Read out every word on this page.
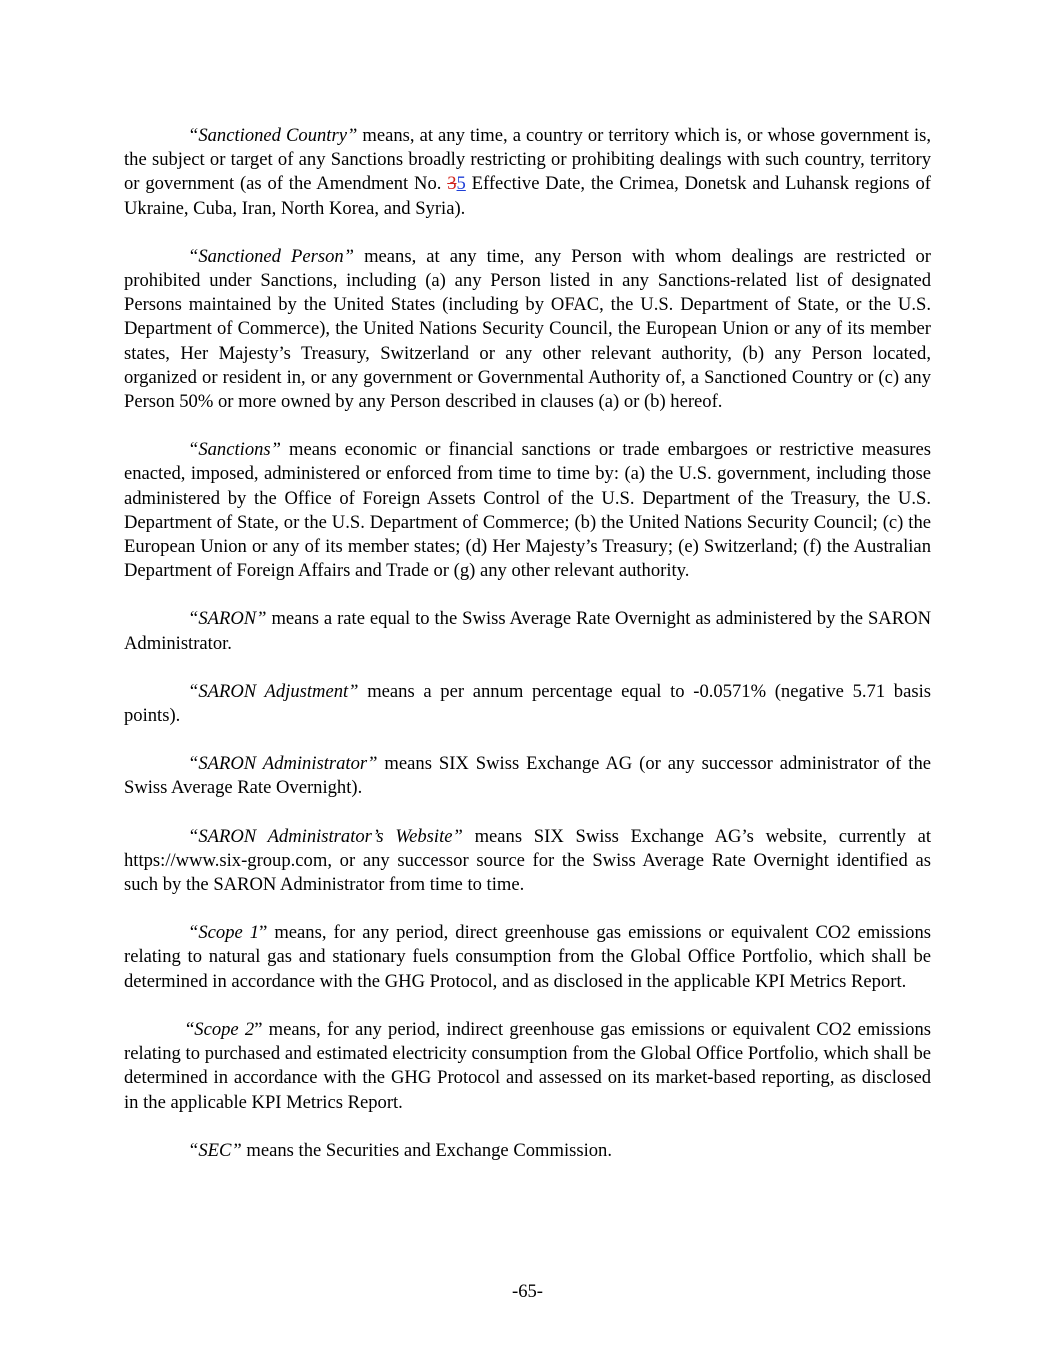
“Sanctioned Country” means, at any time, a country or territory which is, or whose government is, the subject or target of any Sanctions broadly restricting or prohibiting dealings with such country, territory or government (as of the Amendment No. 35 Effective Date, the Crimea, Donetsk and Luhansk regions of Ukraine, Cuba, Iran, North Korea, and Syria).

“Sanctioned Person” means, at any time, any Person with whom dealings are restricted or prohibited under Sanctions, including (a) any Person listed in any Sanctions-related list of designated Persons maintained by the United States (including by OFAC, the U.S. Department of State, or the U.S. Department of Commerce), the United Nations Security Council, the European Union or any of its member states, Her Majesty’s Treasury, Switzerland or any other relevant authority, (b) any Person located, organized or resident in, or any government or Governmental Authority of, a Sanctioned Country or (c) any Person 50% or more owned by any Person described in clauses (a) or (b) hereof.

“Sanctions” means economic or financial sanctions or trade embargoes or restrictive measures enacted, imposed, administered or enforced from time to time by: (a) the U.S. government, including those administered by the Office of Foreign Assets Control of the U.S. Department of the Treasury, the U.S. Department of State, or the U.S. Department of Commerce; (b) the United Nations Security Council; (c) the European Union or any of its member states; (d) Her Majesty’s Treasury; (e) Switzerland; (f) the Australian Department of Foreign Affairs and Trade or (g) any other relevant authority.

“SARON” means a rate equal to the Swiss Average Rate Overnight as administered by the SARON Administrator.

“SARON Adjustment” means a per annum percentage equal to -0.0571% (negative 5.71 basis points).

“SARON Administrator” means SIX Swiss Exchange AG (or any successor administrator of the Swiss Average Rate Overnight).

“SARON Administrator’s Website” means SIX Swiss Exchange AG’s website, currently at https://www.six-group.com, or any successor source for the Swiss Average Rate Overnight identified as such by the SARON Administrator from time to time.

“Scope 1” means, for any period, direct greenhouse gas emissions or equivalent CO2 emissions relating to natural gas and stationary fuels consumption from the Global Office Portfolio, which shall be determined in accordance with the GHG Protocol, and as disclosed in the applicable KPI Metrics Report.

“Scope 2” means, for any period, indirect greenhouse gas emissions or equivalent CO2 emissions relating to purchased and estimated electricity consumption from the Global Office Portfolio, which shall be determined in accordance with the GHG Protocol and assessed on its market-based reporting, as disclosed in the applicable KPI Metrics Report.

“SEC” means the Securities and Exchange Commission.

-65-
